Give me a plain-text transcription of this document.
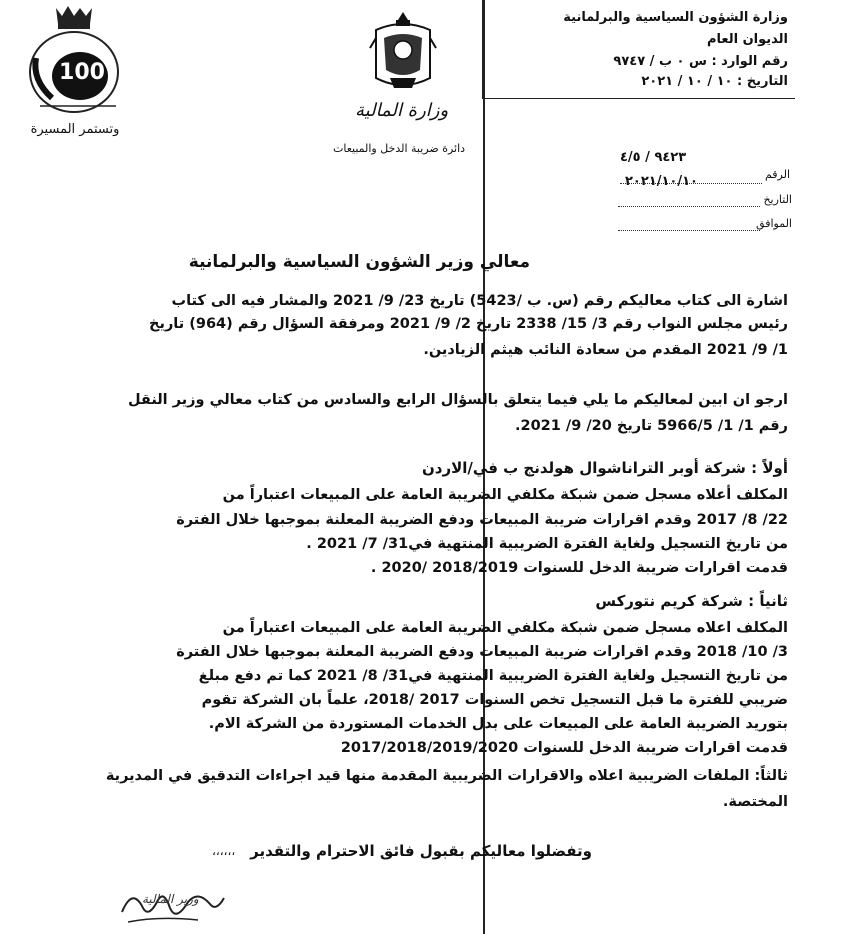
وزارة الشؤون السياسية والبرلمانية
الديوان العام
رقم الوارد : س ٠ ب / ٩٧٤٧
التاريخ : ١٠ / ١٠ / ٢٠٢١
وزارة المالية
دائرة ضريبة الدخل والمبيعات
100
وتستمر المسيرة
الرقم
٩٤٢٣ / ٤/٥
التاريخ
٢٠٢١/١٠/١٠
الموافق
معالي وزير الشؤون السياسية والبرلمانية
اشارة الى كتاب معاليكم رقم (س. ب /5423) تاريخ 23/ 9/ 2021 والمشار فيه الى كتاب
رئيس مجلس النواب رقم 3/ 15/ 2338 تاريخ 2/ 9/ 2021 ومرفقة السؤال رقم (964) تاريخ
1/ 9/ 2021 المقدم من سعادة النائب هيثم الزيادين.
ارجو ان ابين لمعاليكم ما يلي فيما يتعلق بالسؤال الرابع والسادس من كتاب معالي وزير النقل
رقم 1/ 1/ 5966/5 تاريخ 20/ 9/ 2021.
أولاً : شركة أوبر التراناشوال هولدنج ب في/الاردن
المكلف أعلاه مسجل ضمن شبكة مكلفي الضريبة العامة على المبيعات اعتباراً من
22/ 8/ 2017 وقدم اقرارات ضريبة المبيعات ودفع الضريبة المعلنة بموجبها خلال الفترة
من تاريخ التسجيل ولغاية الفترة الضريبية المنتهية في31/ 7/ 2021 .
قدمت اقرارات ضريبة الدخل للسنوات 2018/2019 /2020 .
ثانياً : شركة كريم نتوركس
المكلف اعلاه مسجل ضمن شبكة مكلفي الضريبة العامة على المبيعات اعتباراً من
3/ 10/ 2018 وقدم اقرارات ضريبة المبيعات ودفع الضريبة المعلنة بموجبها خلال الفترة
من تاريخ التسجيل ولغاية الفترة الضريبية المنتهية في31/ 8/ 2021 كما تم دفع مبلغ
ضريبي للفترة ما قبل التسجيل تخص السنوات 2017 /2018، علماً بان الشركة تقوم
بتوريد الضريبة العامة على المبيعات على بدل الخدمات المستوردة من الشركة الام.
قدمت اقرارات ضريبة الدخل للسنوات 2017/2018/2019/2020
ثالثاً: الملفات الضريبية اعلاه والاقرارات الضريبية المقدمة منها قيد اجراءات التدقيق في المديرية
المختصة.
وتفضلوا معاليكم بقبول فائق الاحترام والتقدير
،،،،،،
وزير المالية
